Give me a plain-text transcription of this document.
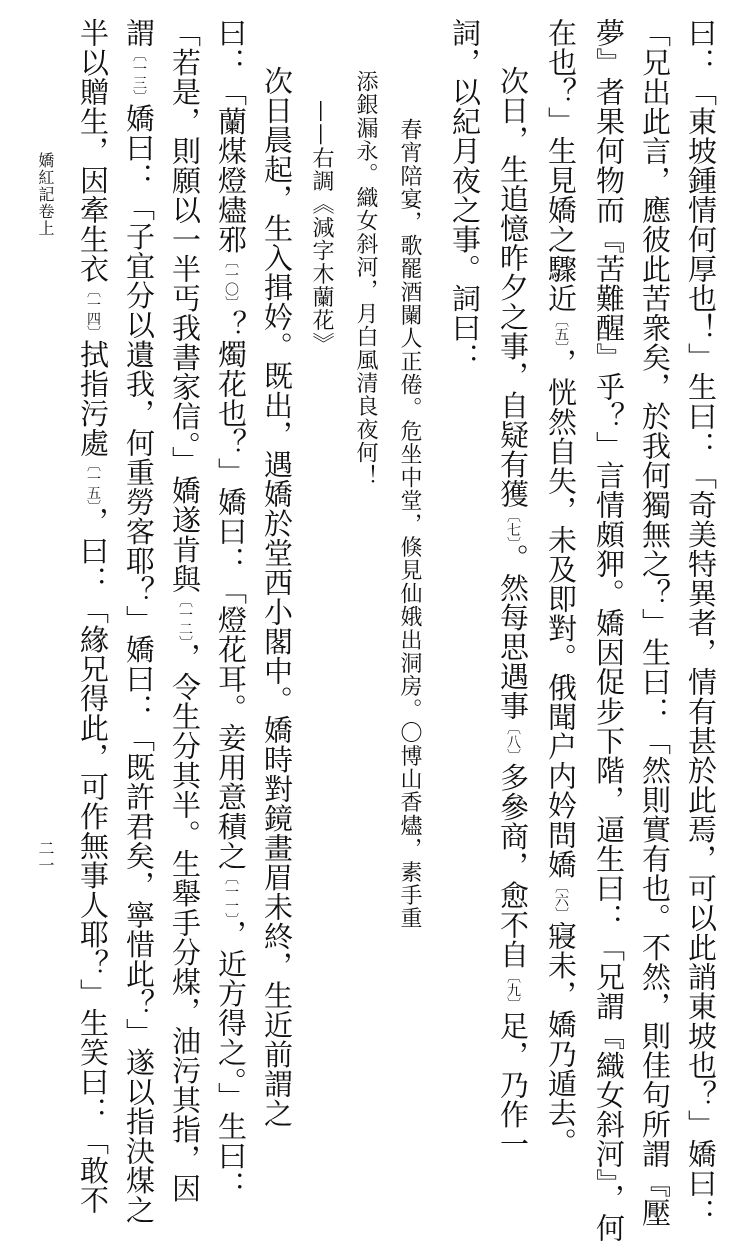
嬌紅記卷上
二一
曰：「東坡鍾情何厚也！」生曰：「奇美特異者，情有甚於此焉，可以此誚東坡也？」嬌曰：
「兄出此言，應彼此苦衆矣，於我何獨無之？」生曰：「然則實有也。不然，則佳句所謂『壓
夢』者果何物而『苦難醒』乎？」言情頗狎。嬌因促步下階，逼生曰：「兄謂『織女斜河』，何
在也？」生見嬌之驟近〔五〕，恍然自失，未及即對。俄聞户内妗問嬌〔六〕寢未，嬌乃遁去。
次日，生追憶昨夕之事，自疑有獲〔七〕。然每思遇事〔八〕多參商，愈不自〔九〕足，乃作一
詞，以紀月夜之事。詞曰：
春宵陪宴，歌罷酒闌人正倦。危坐中堂，倏見仙娥出洞房。〇博山香燼，素手重
添銀漏永。織女斜河，月白風清良夜何！
——右調《減字木蘭花》
次日晨起，生入揖妗。既出，遇嬌於堂西小閣中。嬌時對鏡畫眉未終，生近前謂之
曰：「蘭煤燈燼邪〔一〇〕？燭花也？」嬌曰：「燈花耳。妾用意積之〔一一〕，近方得之。」生曰：
「若是，則願以一半丐我書家信。」嬌遂肯與〔一二〕，令生分其半。生舉手分煤，油污其指，因
謂〔一三〕嬌曰：「子宜分以遺我，何重勞客耶？」嬌曰：「既許君矣，寧惜此？」遂以指決煤之
半以贈生，因牽生衣〔一四〕拭指污處〔一五〕，曰：「緣兄得此，可作無事人耶？」生笑曰：「敢不
